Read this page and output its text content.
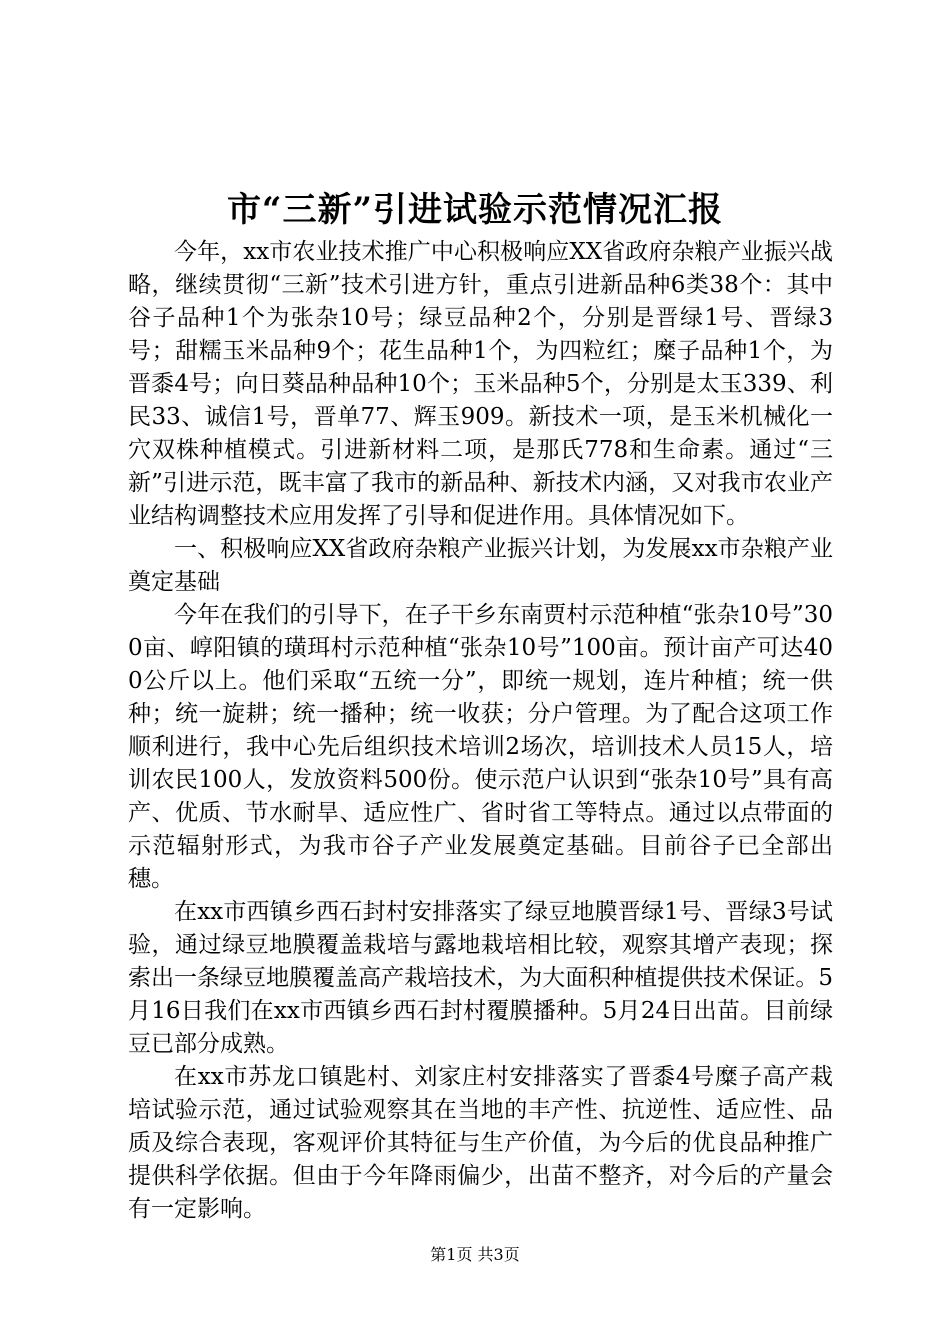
市“三新”引进试验示范情况汇报

今年，xx市农业技术推广中心积极响应XX省政府杂粮产业振兴战略，继续贯彻“三新”技术引进方针，重点引进新品种6类38个：其中谷子品种1个为张杂10号；绿豆品种2个，分别是晋绿1号、晋绿3号；甜糯玉米品种9个；花生品种1个，为四粒红；糜子品种1个，为晋黍4号；向日葵品种品种10个；玉米品种5个，分别是太玉339、利民33、诚信1号，晋单77、辉玉909。新技术一项，是玉米机械化一穴双株种植模式。引进新材料二项，是那氏778和生命素。通过“三新”引进示范，既丰富了我市的新品种、新技术内涵，又对我市农业产业结构调整技术应用发挥了引导和促进作用。具体情况如下。

一、积极响应XX省政府杂粮产业振兴计划，为发展xx市杂粮产业奠定基础

今年在我们的引导下，在子干乡东南贾村示范种植“张杂10号”300亩、崞阳镇的璜珥村示范种植“张杂10号”100亩。预计亩产可达400公斤以上。他们采取“五统一分”，即统一规划，连片种植；统一供种；统一旋耕；统一播种；统一收获；分户管理。为了配合这项工作顺利进行，我中心先后组织技术培训2场次，培训技术人员15人，培训农民100人，发放资料500份。使示范户认识到“张杂10号”具有高产、优质、节水耐旱、适应性广、省时省工等特点。通过以点带面的示范辐射形式，为我市谷子产业发展奠定基础。目前谷子已全部出穗。

在xx市西镇乡西石封村安排落实了绿豆地膜晋绿1号、晋绿3号试验，通过绿豆地膜覆盖栽培与露地栽培相比较，观察其增产表现；探索出一条绿豆地膜覆盖高产栽培技术，为大面积种植提供技术保证。5月16日我们在xx市西镇乡西石封村覆膜播种。5月24日出苗。目前绿豆已部分成熟。

在xx市苏龙口镇匙村、刘家庄村安排落实了晋黍4号糜子高产栽培试验示范，通过试验观察其在当地的丰产性、抗逆性、适应性、品质及综合表现，客观评价其特征与生产价值，为今后的优良品种推广提供科学依据。但由于今年降雨偏少，出苗不整齐，对今后的产量会有一定影响。

第1页 共3页
